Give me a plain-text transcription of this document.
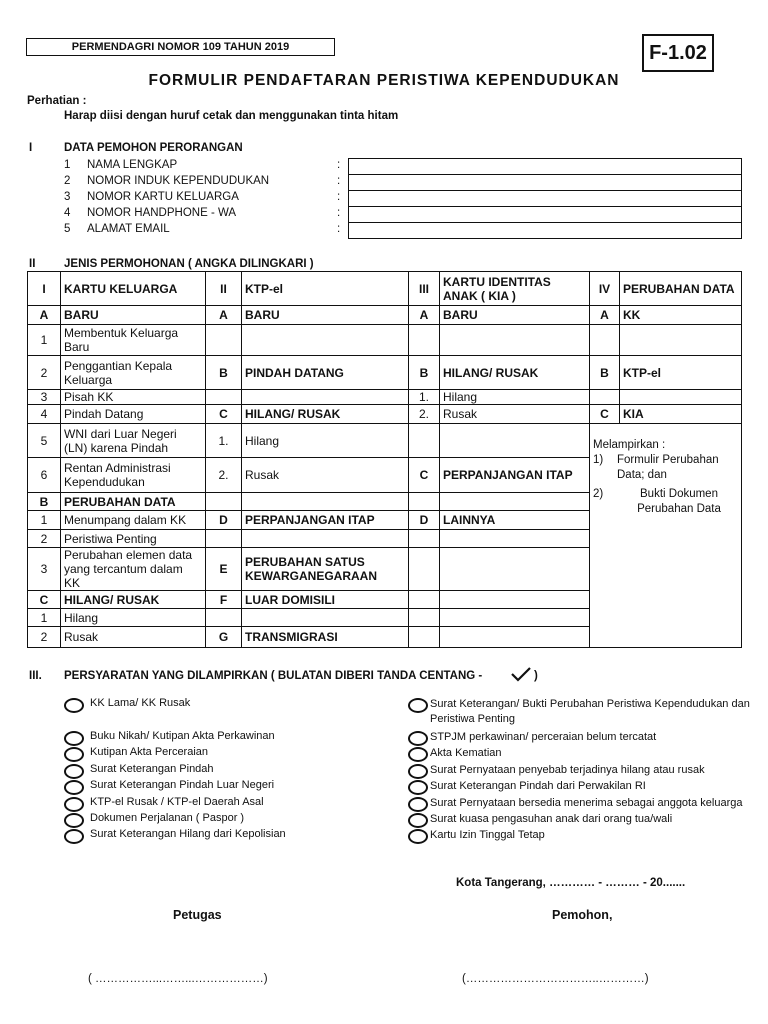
PERMENDAGRI NOMOR 109 TAHUN 2019	F-1.02
FORMULIR PENDAFTARAN PERISTIWA KEPENDUDUKAN
Perhatian :
Harap diisi dengan huruf cetak dan menggunakan tinta hitam
I	DATA PEMOHON PERORANGAN
1 NAMA LENGKAP	:
2 NOMOR INDUK KEPENDUDUKAN	:
3 NOMOR KARTU KELUARGA	:
4 NOMOR HANDPHONE - WA	:
5 ALAMAT EMAIL	:
II JENIS PERMOHONAN ( ANGKA DILINGKARI )
I	KARTU KELUARGA	II	KTP-el	III	KARTU IDENTITAS ANAK ( KIA )	IV	PERUBAHAN DATA
A	BARU	A	BARU	A	BARU	A	KK
1	Membentuk Keluarga Baru						
2	Penggantian Kepala Keluarga	B	PINDAH DATANG	B	HILANG/ RUSAK	B	KTP-el
3	Pisah KK			1.	Hilang		
4	Pindah Datang	C	HILANG/ RUSAK	2.	Rusak	C	KIA
5	WNI dari Luar Negeri (LN) karena Pindah	1.	Hilang			Melampirkan :
1) Formulir Perubahan Data; dan
2) Bukti Dokumen Perubahan Data	

6	Rentan Administrasi Kependudukan	2.	Rusak	C	PERPANJANGAN ITAP		
B	PERUBAHAN DATA						
1	Menumpang dalam KK	D	PERPANJANGAN ITAP	D	LAINNYA		
2	Peristiwa Penting						
3	Perubahan elemen data yang tercantum dalam KK	E	PERUBAHAN SATUS KEWARGANEGARAAN				
C	HILANG/ RUSAK	F	LUAR DOMISILI				
1	Hilang						
2	Rusak	G	TRANSMIGRASI				
III. PERSYARATAN YANG DILAMPIRKAN ( BULATAN DIBERI TANDA CENTANG -	)
KK Lama/ KK Rusak
Buku Nikah/ Kutipan Akta Perkawinan
Kutipan Akta Perceraian
Surat Keterangan Pindah
Surat Keterangan Pindah Luar Negeri
KTP-el Rusak / KTP-el Daerah Asal
Dokumen Perjalanan ( Paspor )
Surat Keterangan Hilang dari Kepolisian
Surat Keterangan/ Bukti Perubahan Peristiwa Kependudukan dan Peristiwa Penting
STPJM perkawinan/ perceraian belum tercatat
Akta Kematian
Surat Pernyataan penyebab terjadinya hilang atau rusak
Surat Keterangan Pindah dari Perwakilan RI
Surat Pernyataan bersedia menerima sebagai anggota keluarga
Surat kuasa pengasuhan anak dari orang tua/wali
Kartu Izin Tinggal Tetap
Kota Tangerang, ………… - ……… - 20.......
Petugas	Pemohon,
( ……………...……...………………)	(……………………………..…………)
